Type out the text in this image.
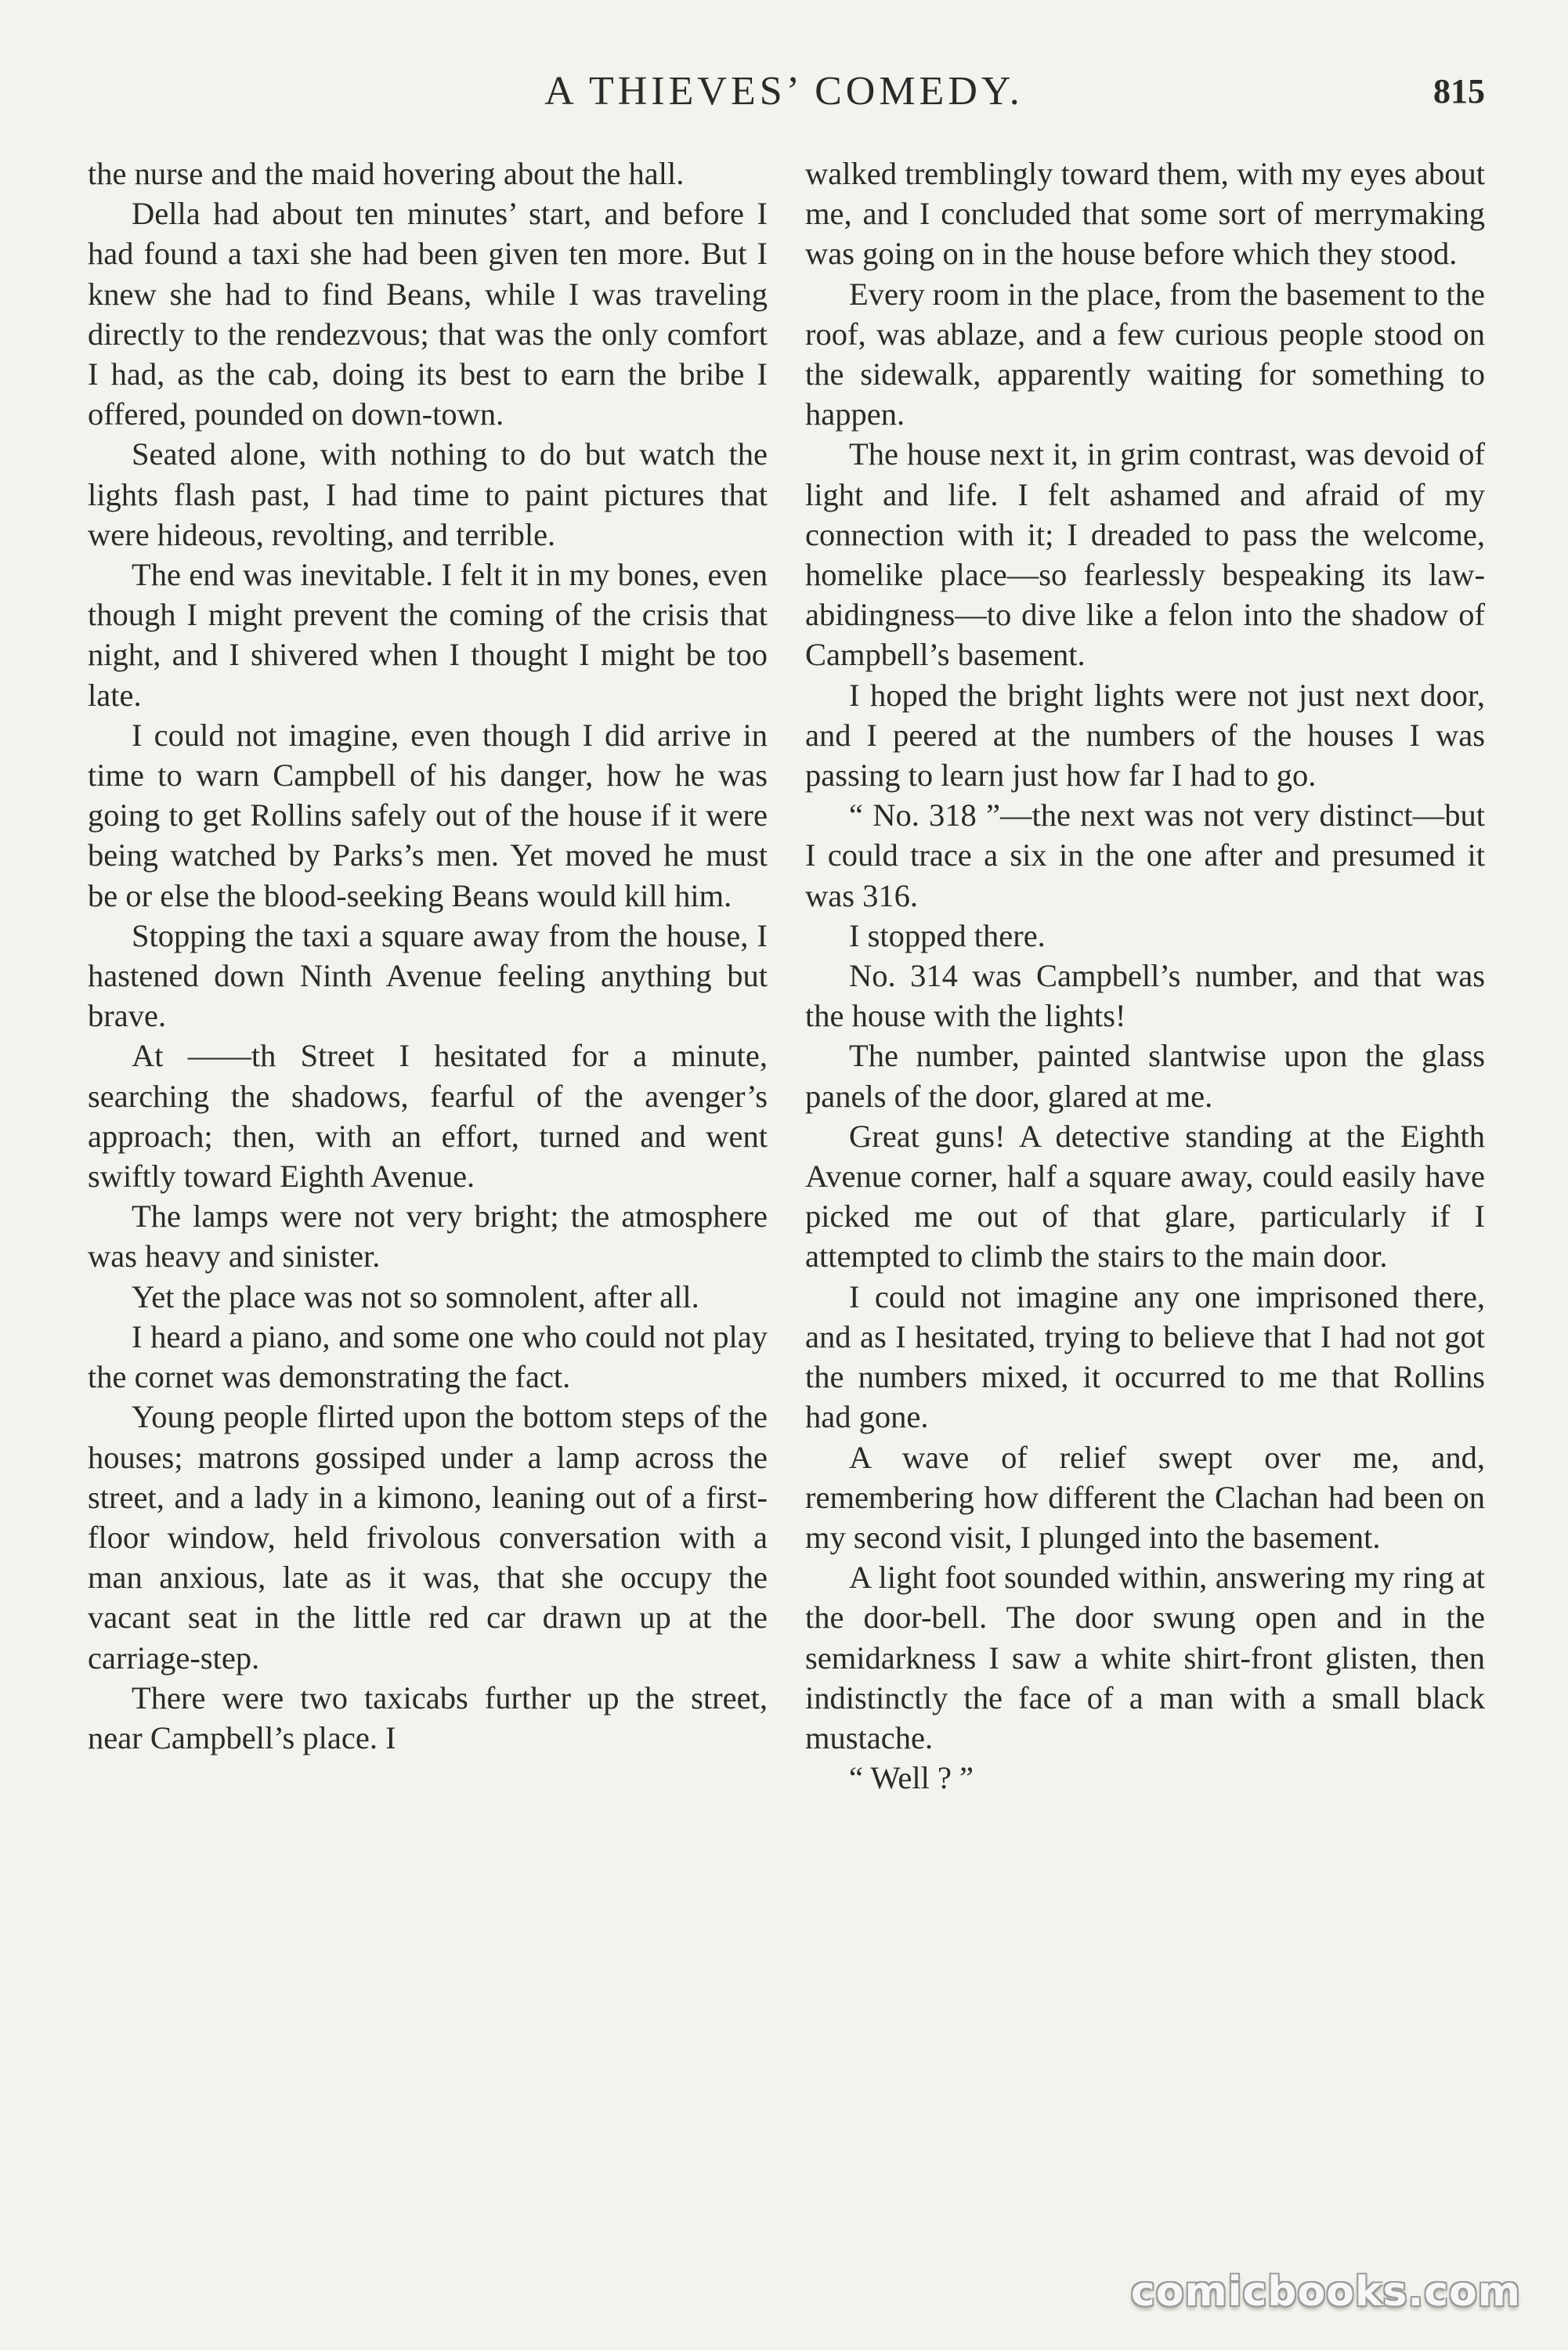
A THIEVES’ COMEDY.	815

the nurse and the maid hovering about the hall.

Della had about ten minutes’ start, and before I had found a taxi she had been given ten more. But I knew she had to find Beans, while I was traveling directly to the rendezvous; that was the only comfort I had, as the cab, doing its best to earn the bribe I offered, pounded on down-town.

Seated alone, with nothing to do but watch the lights flash past, I had time to paint pictures that were hideous, revolting, and terrible.

The end was inevitable. I felt it in my bones, even though I might prevent the coming of the crisis that night, and I shivered when I thought I might be too late.

I could not imagine, even though I did arrive in time to warn Campbell of his danger, how he was going to get Rollins safely out of the house if it were being watched by Parks’s men. Yet moved he must be or else the blood-seeking Beans would kill him.

Stopping the taxi a square away from the house, I hastened down Ninth Avenue feeling anything but brave.

At ——th Street I hesitated for a minute, searching the shadows, fearful of the avenger’s approach; then, with an effort, turned and went swiftly toward Eighth Avenue.

The lamps were not very bright; the atmosphere was heavy and sinister.

Yet the place was not so somnolent, after all.

I heard a piano, and some one who could not play the cornet was demonstrating the fact.

Young people flirted upon the bottom steps of the houses; matrons gossiped under a lamp across the street, and a lady in a kimono, leaning out of a first-floor window, held frivolous conversation with a man anxious, late as it was, that she occupy the vacant seat in the little red car drawn up at the carriage-step.

There were two taxicabs further up the street, near Campbell’s place. I

walked tremblingly toward them, with my eyes about me, and I concluded that some sort of merrymaking was going on in the house before which they stood.

Every room in the place, from the basement to the roof, was ablaze, and a few curious people stood on the sidewalk, apparently waiting for something to happen.

The house next it, in grim contrast, was devoid of light and life. I felt ashamed and afraid of my connection with it; I dreaded to pass the welcome, homelike place—so fearlessly bespeaking its law-abidingness—to dive like a felon into the shadow of Campbell’s basement.

I hoped the bright lights were not just next door, and I peered at the numbers of the houses I was passing to learn just how far I had to go.

“ No. 318 ”—the next was not very distinct—but I could trace a six in the one after and presumed it was 316.

I stopped there.

No. 314 was Campbell’s number, and that was the house with the lights!

The number, painted slantwise upon the glass panels of the door, glared at me.

Great guns! A detective standing at the Eighth Avenue corner, half a square away, could easily have picked me out of that glare, particularly if I attempted to climb the stairs to the main door.

I could not imagine any one imprisoned there, and as I hesitated, trying to believe that I had not got the numbers mixed, it occurred to me that Rollins had gone.

A wave of relief swept over me, and, remembering how different the Clachan had been on my second visit, I plunged into the basement.

A light foot sounded within, answering my ring at the door-bell. The door swung open and in the semidarkness I saw a white shirt-front glisten, then indistinctly the face of a man with a small black mustache.

“ Well ? ”

comicbooks.com
